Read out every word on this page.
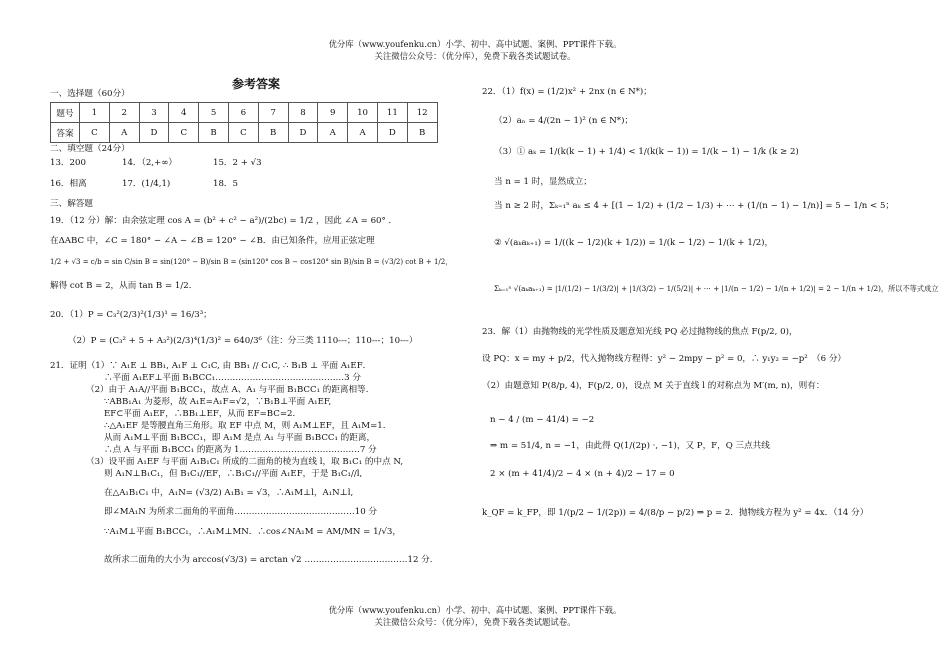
优分库（www.youfenku.cn）小学、初中、高中试题、案例、PPT课件下载。
关注微信公众号：（优分库），免费下载各类试题试卷。
参考答案
一、选择题（60分）
题号	1	2	3	4	5	6	7	8	9	10	11	12
答案	C	A	D	C	B	C	B	D	A	A	D	B
二、填空题（24分）
13．200	14．（2,+∞）	15．2 + √3
16．相离	17．(1/4,1)	18．5
三、解答题
19．（12 分）解：由余弦定理 cos A = (b² + c² − a²)/(2bc) = 1/2 ，因此 ∠A = 60° ．
在ΔABC 中，∠C = 180° − ∠A − ∠B = 120° − ∠B．由已知条件，应用正弦定理
1/2 + √3 = c/b = sin C/sin B = sin(120° − B)/sin B = (sin120° cos B − cos120° sin B)/sin B = (√3/2) cot B + 1/2，
解得 cot B = 2，从而 tan B = 1/2．
20．（1）P = C₃²(2/3)²(1/3)¹ = 16/3³；
（2）P = (C₃² + 5 + A₃²)(2/3)⁴(1/3)² = 640/3⁶（注：分三类 1110---；110---；10---）
21．证明（1）∵ A₁E ⊥ BB₁, A₁F ⊥ C₁C, 由 BB₁ // C₁C, ∴ B₁B ⊥ 平面 A₁EF．
∴平面 A₁EF⊥平面 B₁BCC₁………………………………………3 分
（2）由于 A₁A//平面 B₁BCC₁，故点 A、A₁ 与平面 B₁BCC₁ 的距离相等.
∵ABB₁A₁ 为菱形，故 A₁E=A₁F=√2，∵B₁B⊥平面 A₁EF,
EF⊂平面 A₁EF，∴BB₁⊥EF，从而 EF=BC=2.
∴△A₁EF 是等腰直角三角形。取 EF 中点 M，则 A₁M⊥EF，且 A₁M=1.
从而 A₁M⊥平面 B₁BCC₁，即 A₁M 是点 A₁ 与平面 B₁BCC₁ 的距离，
∴点 A 与平面 B₁BCC₁ 的距离为 1……………………………………7 分
（3）设平面 A₁EF 与平面 A₁B₁C₁ 所成的二面角的棱为直线 l，取 B₁C₁ 的中点 N,
则 A₁N⊥B₁C₁，但 B₁C₁//EF，∴B₁C₁//平面 A₁EF，于是 B₁C₁//l,
在△A₁B₁C₁ 中，A₁N= (√3/2) A₁B₁ = √3，∴A₁M⊥l，A₁N⊥l,
即∠MA₁N 为所求二面角的平面角……………………………………10 分
∵A₁M⊥平面 B₁BCC₁，∴A₁M⊥MN．∴cos∠NA₁M = AM/MN = 1/√3，
故所求二面角的大小为 arccos(√3/3) = arctan √2 ………………………………12 分.
22．（1）f(x) = (1/2)x² + 2nx (n ∈ N*)；
（2）aₙ = 4/(2n − 1)² (n ∈ N*)；
（3）① aₖ = 1/(k(k − 1) + 1/4) < 1/(k(k − 1)) = 1/(k − 1) − 1/k (k ≥ 2)
当 n = 1 时，显然成立；
当 n ≥ 2 时，Σₖ₌₁ⁿ aₖ ≤ 4 + [(1 − 1/2) + (1/2 − 1/3) + ⋯ + (1/(n − 1) − 1/n)] = 5 − 1/n < 5；
② √(aₖaₖ₊₁) = 1/((k − 1/2)(k + 1/2)) = 1/(k − 1/2) − 1/(k + 1/2)，
Σₖ₌₁ⁿ √(aₖaₖ₊₁) = |1/(1/2) − 1/(3/2)| + |1/(3/2) − 1/(5/2)| + ⋯ + |1/(n − 1/2) − 1/(n + 1/2)| = 2 − 1/(n + 1/2)，所以不等式成立
23．解（1）由抛物线的光学性质及题意知光线 PQ 必过抛物线的焦点 F(p/2, 0)，
设 PQ：x = my + p/2，代入抛物线方程得：y² − 2mpy − p² = 0，∴ y₁y₂ = −p²　（6 分）
（2）由题意知 P(8/p, 4)，F(p/2, 0)，设点 M 关于直线 l 的对称点为 M′(m, n)，则有：
n − 4 / (m − 41/4) = −2
2 × (m + 41/4)/2 − 4 × (n + 4)/2 − 17 = 0
⇒ m = 51/4, n = −1，由此得 Q(1/(2p) ·, −1)，又 P，F，Q 三点共线
k_QF = k_FP，即 1/(p/2 − 1/(2p)) = 4/(8/p − p/2) ⇒ p = 2．抛物线方程为 y² = 4x．（14 分）
优分库（www.youfenku.cn）小学、初中、高中试题、案例、PPT课件下载。
关注微信公众号：（优分库），免费下载各类试题试卷。
